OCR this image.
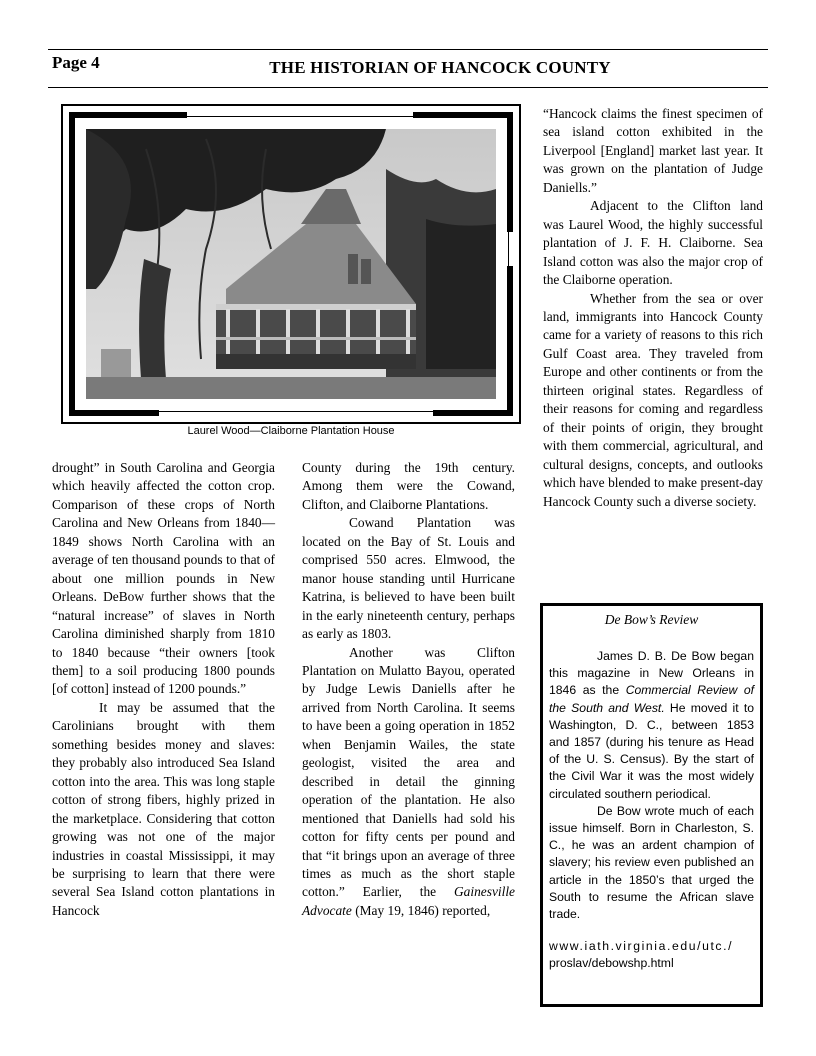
Page 4	THE HISTORIAN OF HANCOCK COUNTY
Laurel Wood—Claiborne Plantation House

drought” in South Carolina and Georgia which heavily affected the cotton crop. Comparison of these crops of North Carolina and New Orleans from 1840—1849 shows North Carolina with an average of ten thousand pounds to that of about one million pounds in New Orleans. DeBow further shows that the “natural increase” of slaves in North Carolina diminished sharply from 1810 to 1840 because “their owners [took them] to a soil producing 1800 pounds [of cotton] instead of 1200 pounds.”

It may be assumed that the Carolinians brought with them something besides money and slaves: they probably also introduced Sea Island cotton into the area. This was long staple cotton of strong fibers, highly prized in the marketplace. Considering that cotton growing was not one of the major industries in coastal Mississippi, it may be surprising to learn that there were several Sea Island cotton plantations in Hancock

County during the 19th century. Among them were the Cowand, Clifton, and Claiborne Plantations.

Cowand Plantation was located on the Bay of St. Louis and comprised 550 acres. Elmwood, the manor house standing until Hurricane Katrina, is believed to have been built in the early nineteenth century, perhaps as early as 1803.

Another was Clifton Plantation on Mulatto Bayou, operated by Judge Lewis Daniells after he arrived from North Carolina. It seems to have been a going operation in 1852 when Benjamin Wailes, the state geologist, visited the area and described in detail the ginning operation of the plantation. He also mentioned that Daniells had sold his cotton for fifty cents per pound and that “it brings upon an average of three times as much as the short staple cotton.” Earlier, the Gainesville Advocate (May 19, 1846) reported,

“Hancock claims the finest specimen of sea island cotton exhibited in the Liverpool [England] market last year. It was grown on the plantation of Judge Daniells.”

Adjacent to the Clifton land was Laurel Wood, the highly successful plantation of J. F. H. Claiborne. Sea Island cotton was also the major crop of the Claiborne operation.

Whether from the sea or over land, immigrants into Hancock County came for a variety of reasons to this rich Gulf Coast area. They traveled from Europe and other continents or from the thirteen original states. Regardless of their reasons for coming and regardless of their points of origin, they brought with them commercial, agricultural, and cultural designs, concepts, and outlooks which have blended to make present-day Hancock County such a diverse society.

De Bow’s Review

James D. B. De Bow began this magazine in New Orleans in 1846 as the Commercial Review of the South and West. He moved it to Washington, D. C., between 1853 and 1857 (during his tenure as Head of the U. S. Census). By the start of the Civil War it was the most widely circulated southern periodical.

De Bow wrote much of each issue himself. Born in Charleston, S. C., he was an ardent champion of slavery; his review even published an article in the 1850’s that urged the South to resume the African slave trade.

www.iath.virginia.edu/utc./
proslav/debowshp.html
